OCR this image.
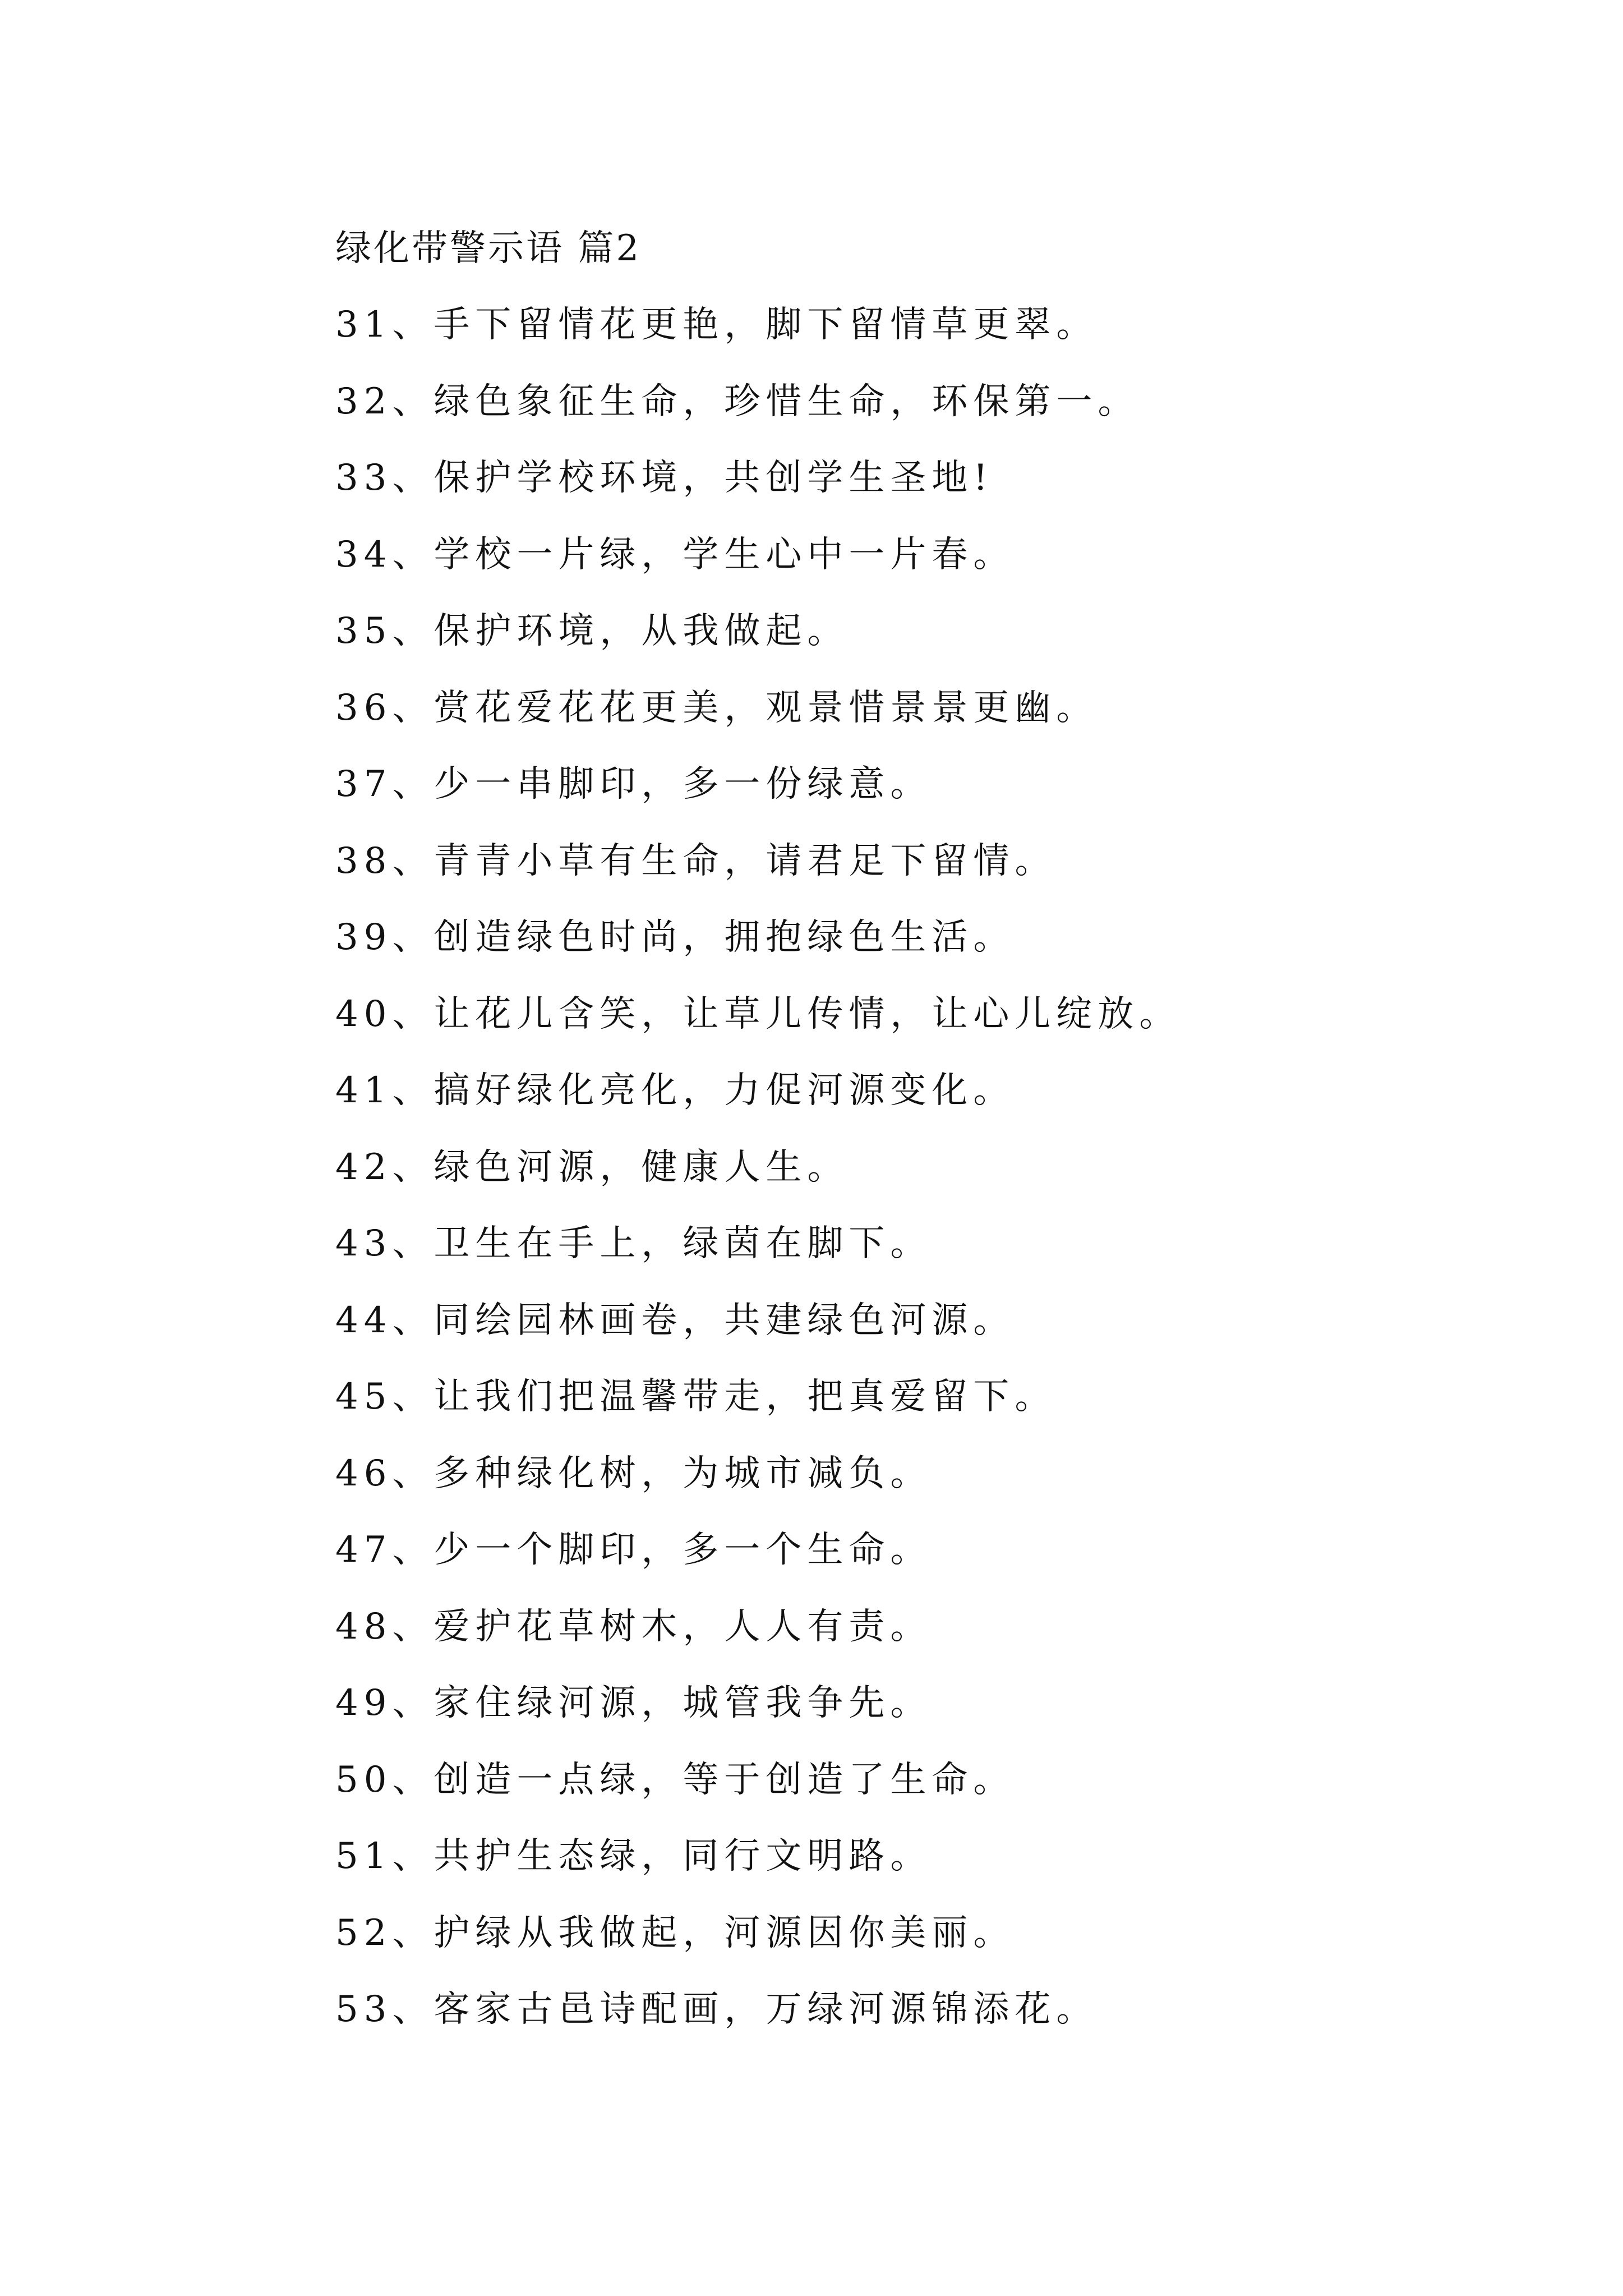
绿化带警示语 篇2
31、手下留情花更艳，脚下留情草更翠。
32、绿色象征生命，珍惜生命，环保第一。
33、保护学校环境，共创学生圣地!
34、学校一片绿，学生心中一片春。
35、保护环境，从我做起。
36、赏花爱花花更美，观景惜景景更幽。
37、少一串脚印，多一份绿意。
38、青青小草有生命，请君足下留情。
39、创造绿色时尚，拥抱绿色生活。
40、让花儿含笑，让草儿传情，让心儿绽放。
41、搞好绿化亮化，力促河源变化。
42、绿色河源，健康人生。
43、卫生在手上，绿茵在脚下。
44、同绘园林画卷，共建绿色河源。
45、让我们把温馨带走，把真爱留下。
46、多种绿化树，为城市减负。
47、少一个脚印，多一个生命。
48、爱护花草树木，人人有责。
49、家住绿河源，城管我争先。
50、创造一点绿，等于创造了生命。
51、共护生态绿，同行文明路。
52、护绿从我做起，河源因你美丽。
53、客家古邑诗配画，万绿河源锦添花。
